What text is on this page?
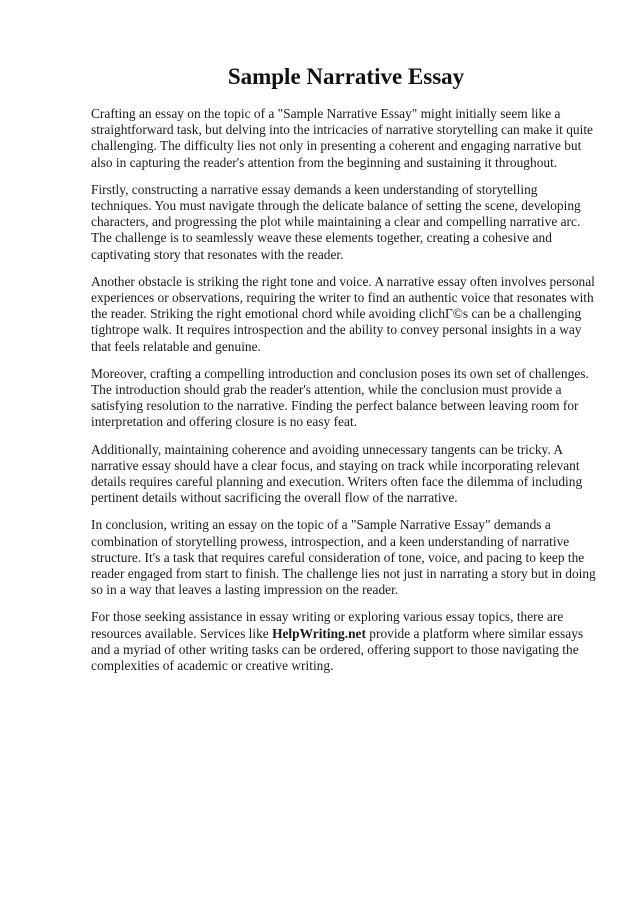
Sample Narrative Essay

Crafting an essay on the topic of a "Sample Narrative Essay" might initially seem like a straightforward task, but delving into the intricacies of narrative storytelling can make it quite challenging. The difficulty lies not only in presenting a coherent and engaging narrative but also in capturing the reader's attention from the beginning and sustaining it throughout.

Firstly, constructing a narrative essay demands a keen understanding of storytelling techniques. You must navigate through the delicate balance of setting the scene, developing characters, and progressing the plot while maintaining a clear and compelling narrative arc. The challenge is to seamlessly weave these elements together, creating a cohesive and captivating story that resonates with the reader.

Another obstacle is striking the right tone and voice. A narrative essay often involves personal experiences or observations, requiring the writer to find an authentic voice that resonates with the reader. Striking the right emotional chord while avoiding clichГ©s can be a challenging tightrope walk. It requires introspection and the ability to convey personal insights in a way that feels relatable and genuine.

Moreover, crafting a compelling introduction and conclusion poses its own set of challenges. The introduction should grab the reader's attention, while the conclusion must provide a satisfying resolution to the narrative. Finding the perfect balance between leaving room for interpretation and offering closure is no easy feat.

Additionally, maintaining coherence and avoiding unnecessary tangents can be tricky. A narrative essay should have a clear focus, and staying on track while incorporating relevant details requires careful planning and execution. Writers often face the dilemma of including pertinent details without sacrificing the overall flow of the narrative.

In conclusion, writing an essay on the topic of a "Sample Narrative Essay" demands a combination of storytelling prowess, introspection, and a keen understanding of narrative structure. It's a task that requires careful consideration of tone, voice, and pacing to keep the reader engaged from start to finish. The challenge lies not just in narrating a story but in doing so in a way that leaves a lasting impression on the reader.

For those seeking assistance in essay writing or exploring various essay topics, there are resources available. Services like HelpWriting.net provide a platform where similar essays and a myriad of other writing tasks can be ordered, offering support to those navigating the complexities of academic or creative writing.
